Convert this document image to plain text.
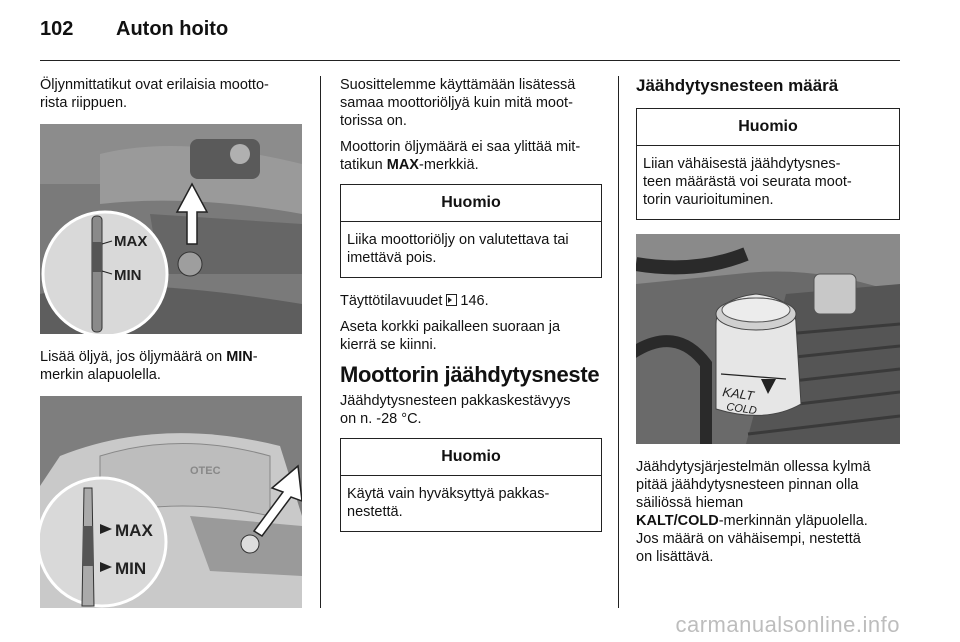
102 Auton hoito
Öljynmittatikut ovat erilaisia mootto-
rista riippuen.
MAX
MIN
Lisää öljyä, jos öljymäärä on MIN-
merkin alapuolella.
OTEC
MAX
MIN
Suosittelemme käyttämään lisätessä
samaa moottoriöljyä kuin mitä moot-
torissa on.
Moottorin öljymäärä ei saa ylittää mit-
tatikun MAX-merkkiä.
Huomio
Liika moottoriöljy on valutettava tai
imettävä pois.
Täyttötilavuudet
146.
Aseta korkki paikalleen suoraan ja
kierrä se kiinni.
Moottorin jäähdytysneste
Jäähdytysnesteen pakkaskestävyys
on n. -28 °C.
Huomio
Käytä vain hyväksyttyä pakkas-
nestettä.
Jäähdytysnesteen määrä
Huomio
Liian vähäisestä jäähdytysnes-
teen määrästä voi seurata moot-
torin vaurioituminen.
KALT
COLD
Jäähdytysjärjestelmän ollessa kylmä
pitää jäähdytysnesteen pinnan olla
säiliössä hieman
KALT/COLD-merkinnän yläpuolella.
Jos määrä on vähäisempi, nestettä
on lisättävä.
carmanualsonline.info
